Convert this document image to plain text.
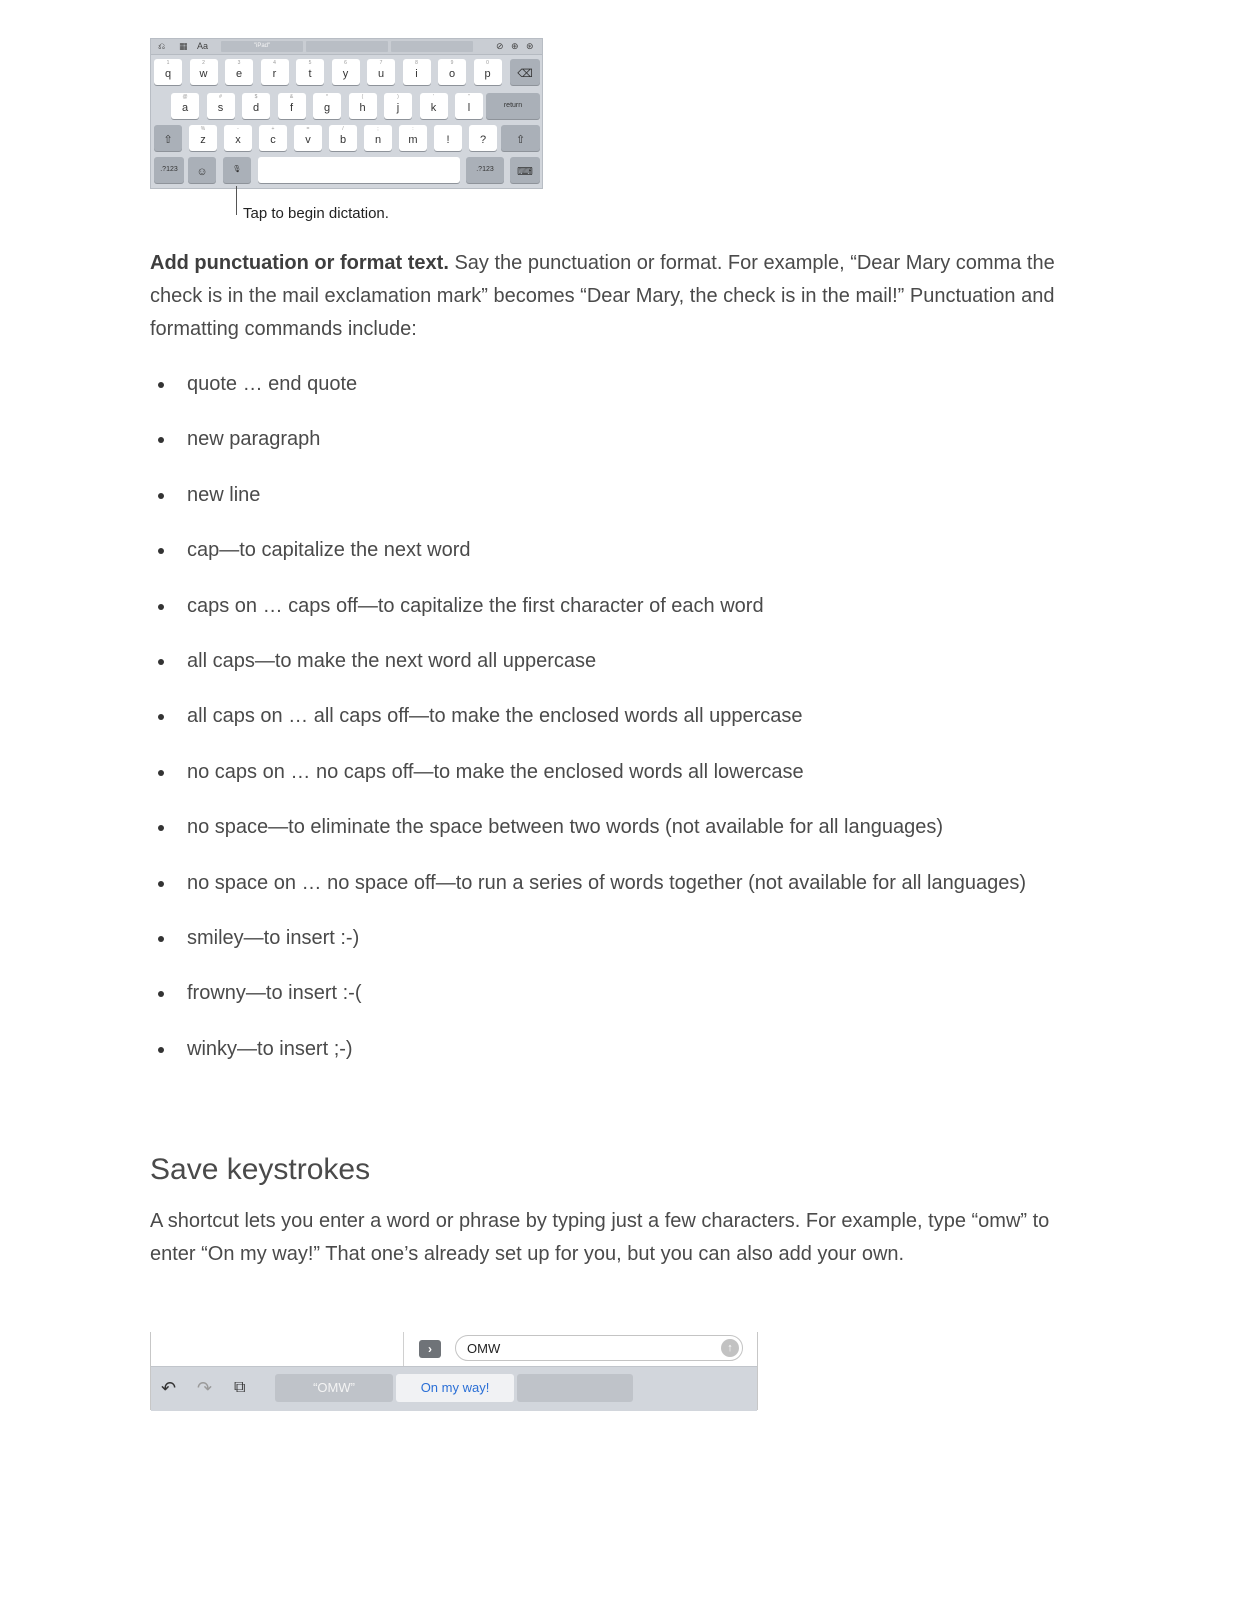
⎌ ▦ Aa	"iPad"	⊘ ⊕ ⊛
1
q
2
w
3
e
4
r
5
t
6
y
7
u
8
i
9
o
0
p	⌫
@
a
#
s
$
d
&
f
*
g
(
h
)
j
'
k
"
l	return
⇧
%
z
-
x
+
c
=
v
/
b
;
n
:
m	!	?	⇧
.?123	☺	🎙	.?123	⌨
Tap to begin dictation.

Add punctuation or format text. Say the punctuation or format. For example, “Dear Mary comma the check is in the mail exclamation mark” becomes “Dear Mary, the check is in the mail!” Punctuation and formatting commands include:

quote … end quote
new paragraph
new line
cap—to capitalize the next word
caps on … caps off—to capitalize the first character of each word
all caps—to make the next word all uppercase
all caps on … all caps off—to make the enclosed words all uppercase
no caps on … no caps off—to make the enclosed words all lowercase
no space—to eliminate the space between two words (not available for all languages)
no space on … no space off—to run a series of words together (not available for all languages)
smiley—to insert :-)
frowny—to insert :-(
winky—to insert ;-)
Save keystrokes

A shortcut lets you enter a word or phrase by typing just a few characters. For example, type “omw” to enter “On my way!” That one’s already set up for you, but you can also add your own.

›	OMW	↑
↶ ↷ ⧉	“OMW”	On my way!
